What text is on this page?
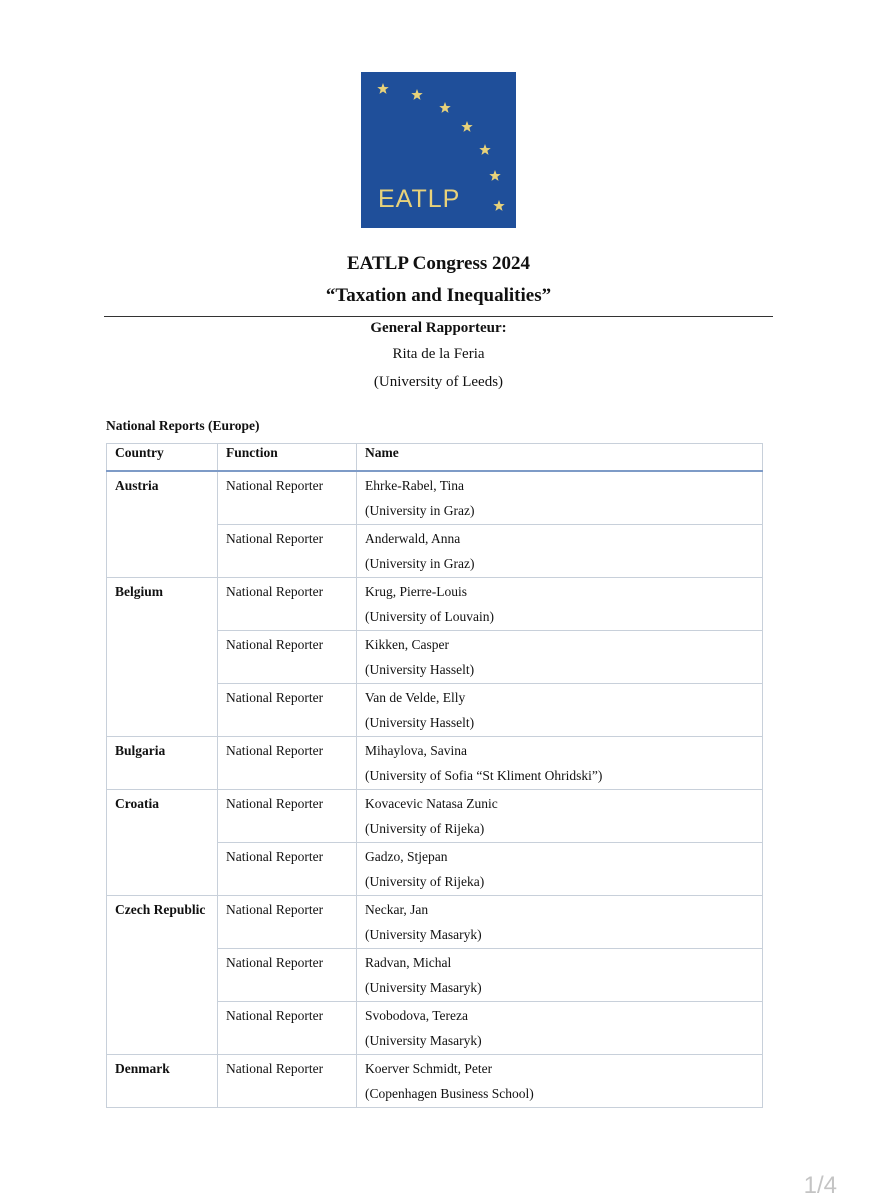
EATLP
EATLP Congress 2024
“Taxation and Inequalities”
General Rapporteur:
Rita de la Feria
(University of Leeds)
National Reports (Europe)
Country	Function	Name
Austria	National Reporter	Ehrke-Rabel, Tina
(University in Graz)

	National Reporter	Anderwald, Anna
(University in Graz)

Belgium	National Reporter	Krug, Pierre-Louis
(University of Louvain)

	National Reporter	Kikken, Casper
(University Hasselt)

	National Reporter	Van de Velde, Elly
(University Hasselt)

Bulgaria	National Reporter	Mihaylova, Savina
(University of Sofia “St Kliment Ohridski”)

Croatia	National Reporter	Kovacevic Natasa Zunic
(University of Rijeka)

	National Reporter	Gadzo, Stjepan
(University of Rijeka)

Czech Republic	National Reporter	Neckar, Jan
(University Masaryk)

	National Reporter	Radvan, Michal
(University Masaryk)

	National Reporter	Svobodova, Tereza
(University Masaryk)

Denmark	National Reporter	Koerver Schmidt, Peter
(Copenhagen Business School)
1/4
